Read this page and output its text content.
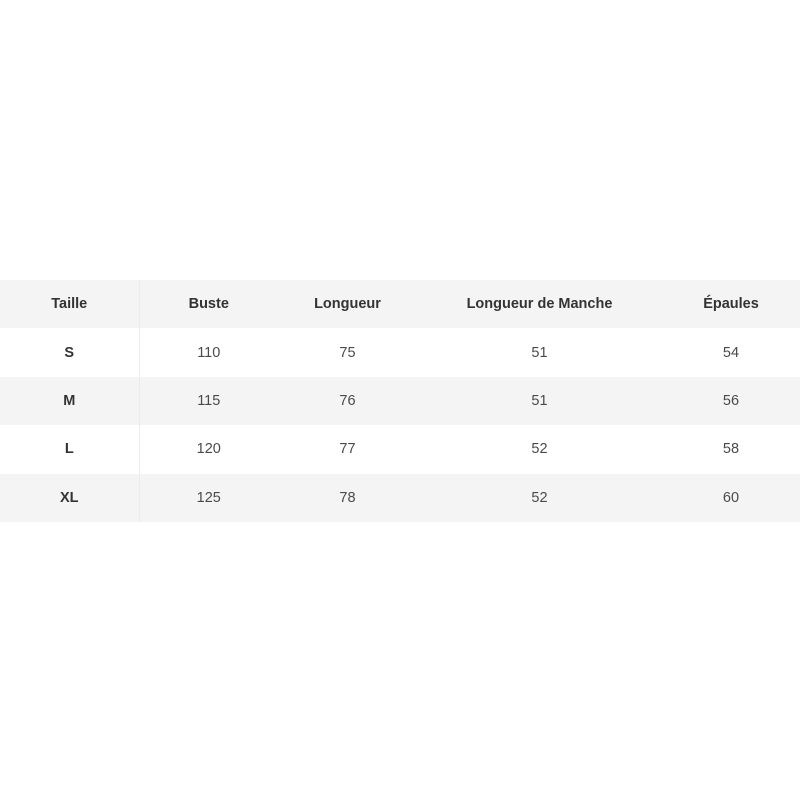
Taille	Buste	Longueur	Longueur de Manche	Épaules
S	110	75	51	54
M	115	76	51	56
L	120	77	52	58
XL	125	78	52	60
